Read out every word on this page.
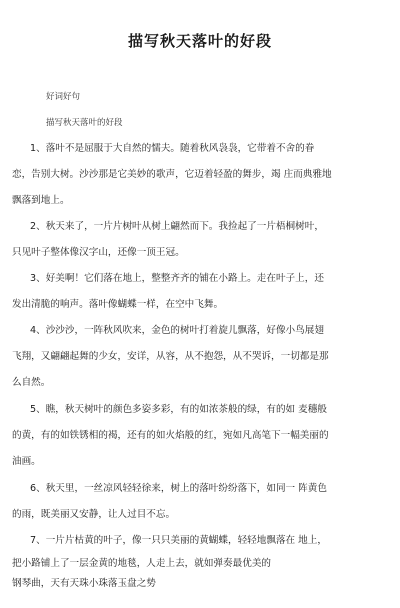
描写秋天落叶的好段
好词好句
描写秋天落叶的好段
1、落叶不是屈服于大自然的懦夫。随着秋风袅袅，它带着不舍的眷
恋，告别大树。沙沙那是它美妙的歌声，它迈着轻盈的舞步，竭 庄而典雅地
飘落到地上。
2、秋天来了，一片片树叶从树上翩然而下。我捡起了一片梧桐树叶，
只见叶子整体像汉字山，还像一顶王冠。
3、好美啊！它们落在地上，整整齐齐的铺在小路上。走在叶子上，还
发出清脆的响声。落叶像蝴蝶一样，在空中飞舞。
4、沙沙沙，一阵秋风吹来，金色的树叶打着旋儿飘落，好像小鸟展翅
飞翔，又翩翩起舞的少女，安详，从容，从不抱怨，从不哭诉，一切都是那
么自然。
5、瞧，秋天树叶的颜色多姿多彩，有的如浓茶般的绿，有的如 麦穗般
的黄，有的如铁锈相的褐，还有的如火焰般的红，宛如凡高笔下一幅美丽的
油画。
6、秋天里，一丝凉风轻轻徐来，树上的落叶纷纷落下，如同一 阵黄色
的雨，既美丽又安静，让人过目不忘。
7、一片片枯黄的叶子，像一只只美丽的黄蝴蝶，轻轻地飘落在 地上，
把小路铺上了一层金黄的地毯，人走上去，就如弹奏最优美的
钢琴曲，天有天珠小珠落玉盘之势
